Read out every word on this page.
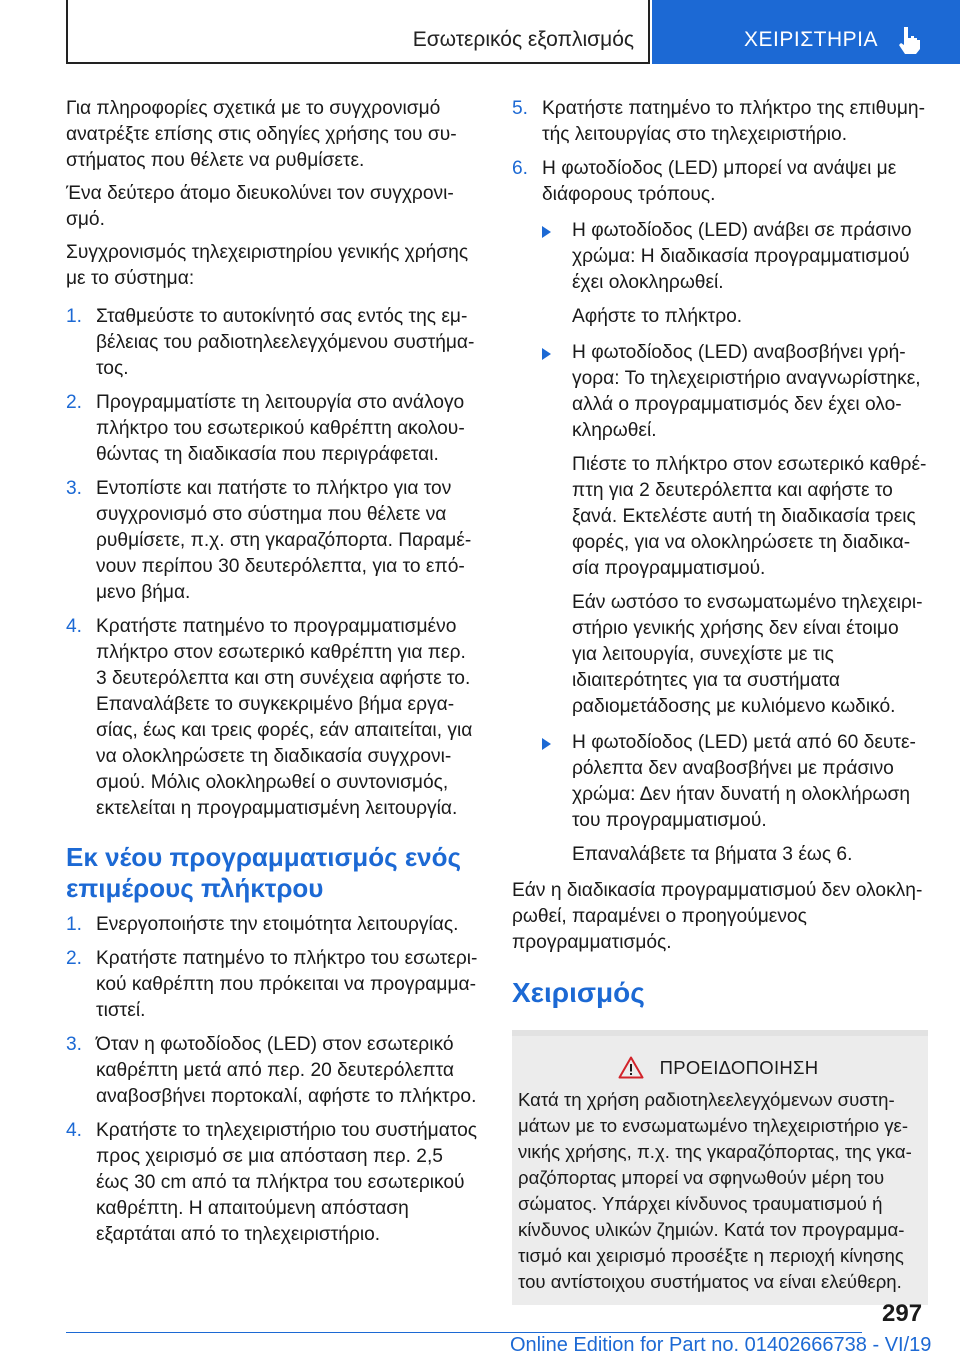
Εσωτερικός εξοπλισμός	ΧΕΙΡΙΣΤΗΡΙΑ

Για πληροφορίες σχετικά με το συγχρονισμό ανατρέξτε επίσης στις οδηγίες χρήσης του συστήματος που θέλετε να ρυθμίσετε.

Ένα δεύτερο άτομο διευκολύνει τον συγχρονισμό.

Συγχρονισμός τηλεχειριστηρίου γενικής χρήσης με το σύστημα:

1. Σταθμεύστε το αυτοκίνητό σας εντός της εμβέλειας του ραδιοτηλεελεγχόμενου συστήματος.
2. Προγραμματίστε τη λειτουργία στο ανάλογο πλήκτρο του εσωτερικού καθρέπτη ακολουθώντας τη διαδικασία που περιγράφεται.
3. Εντοπίστε και πατήστε το πλήκτρο για τον συγχρονισμό στο σύστημα που θέλετε να ρυθμίσετε, π.χ. στη γκαραζόπορτα. Παραμένουν περίπου 30 δευτερόλεπτα, για το επόμενο βήμα.
4. Κρατήστε πατημένο το προγραμματισμένο πλήκτρο στον εσωτερικό καθρέπτη για περ. 3 δευτερόλεπτα και στη συνέχεια αφήστε το. Επαναλάβετε το συγκεκριμένο βήμα εργασίας, έως και τρεις φορές, εάν απαιτείται, για να ολοκληρώσετε τη διαδικασία συγχρονισμού. Μόλις ολοκληρωθεί ο συντονισμός, εκτελείται η προγραμματισμένη λειτουργία.
Εκ νέου προγραμματισμός ενός επιμέρους πλήκτρου
1. Ενεργοποιήστε την ετοιμότητα λειτουργίας.
2. Κρατήστε πατημένο το πλήκτρο του εσωτερικού καθρέπτη που πρόκειται να προγραμματιστεί.
3. Όταν η φωτοδίοδος (LED) στον εσωτερικό καθρέπτη μετά από περ. 20 δευτερόλεπτα αναβοσβήνει πορτοκαλί, αφήστε το πλήκτρο.
4. Κρατήστε το τηλεχειριστήριο του συστήματος προς χειρισμό σε μια απόσταση περ. 2,5 έως 30 cm από τα πλήκτρα του εσωτερικού καθρέπτη. Η απαιτούμενη απόσταση εξαρτάται από το τηλεχειριστήριο.
5. Κρατήστε πατημένο το πλήκτρο της επιθυμητής λειτουργίας στο τηλεχειριστήριο.
6. Η φωτοδίοδος (LED) μπορεί να ανάψει με διάφορους τρόπους.
Η φωτοδίοδος (LED) ανάβει σε πράσινο χρώμα: Η διαδικασία προγραμματισμού έχει ολοκληρωθεί.
Αφήστε το πλήκτρο.
Η φωτοδίοδος (LED) αναβοσβήνει γρήγορα: Το τηλεχειριστήριο αναγνωρίστηκε, αλλά ο προγραμματισμός δεν έχει ολοκληρωθεί.
Πιέστε το πλήκτρο στον εσωτερικό καθρέπτη για 2 δευτερόλεπτα και αφήστε το ξανά. Εκτελέστε αυτή τη διαδικασία τρεις φορές, για να ολοκληρώσετε τη διαδικασία προγραμματισμού.
Εάν ωστόσο το ενσωματωμένο τηλεχειριστήριο γενικής χρήσης δεν είναι έτοιμο για λειτουργία, συνεχίστε με τις ιδιαιτερότητες για τα συστήματα ραδιομετάδοσης με κυλιόμενο κωδικό.
Η φωτοδίοδος (LED) μετά από 60 δευτερόλεπτα δεν αναβοσβήνει με πράσινο χρώμα: Δεν ήταν δυνατή η ολοκλήρωση του προγραμματισμού.
Επαναλάβετε τα βήματα 3 έως 6.

Εάν η διαδικασία προγραμματισμού δεν ολοκληρωθεί, παραμένει ο προηγούμενος προγραμματισμός.

Χειρισμός
ΠΡΟΕΙΔΟΠΟΙΗΣΗ

Κατά τη χρήση ραδιοτηλεελεγχόμενων συστημάτων με το ενσωματωμένο τηλεχειριστήριο γενικής χρήσης, π.χ. της γκαραζόπορτας, της γκαραζόπορτας μπορεί να σφηνωθούν μέρη του σώματος. Υπάρχει κίνδυνος τραυματισμού ή κίνδυνος υλικών ζημιών. Κατά τον προγραμματισμό και χειρισμό προσέξτε η περιοχή κίνησης του αντίστοιχου συστήματος να είναι ελεύθερη.

297
Online Edition for Part no. 01402666738 - VI/19
